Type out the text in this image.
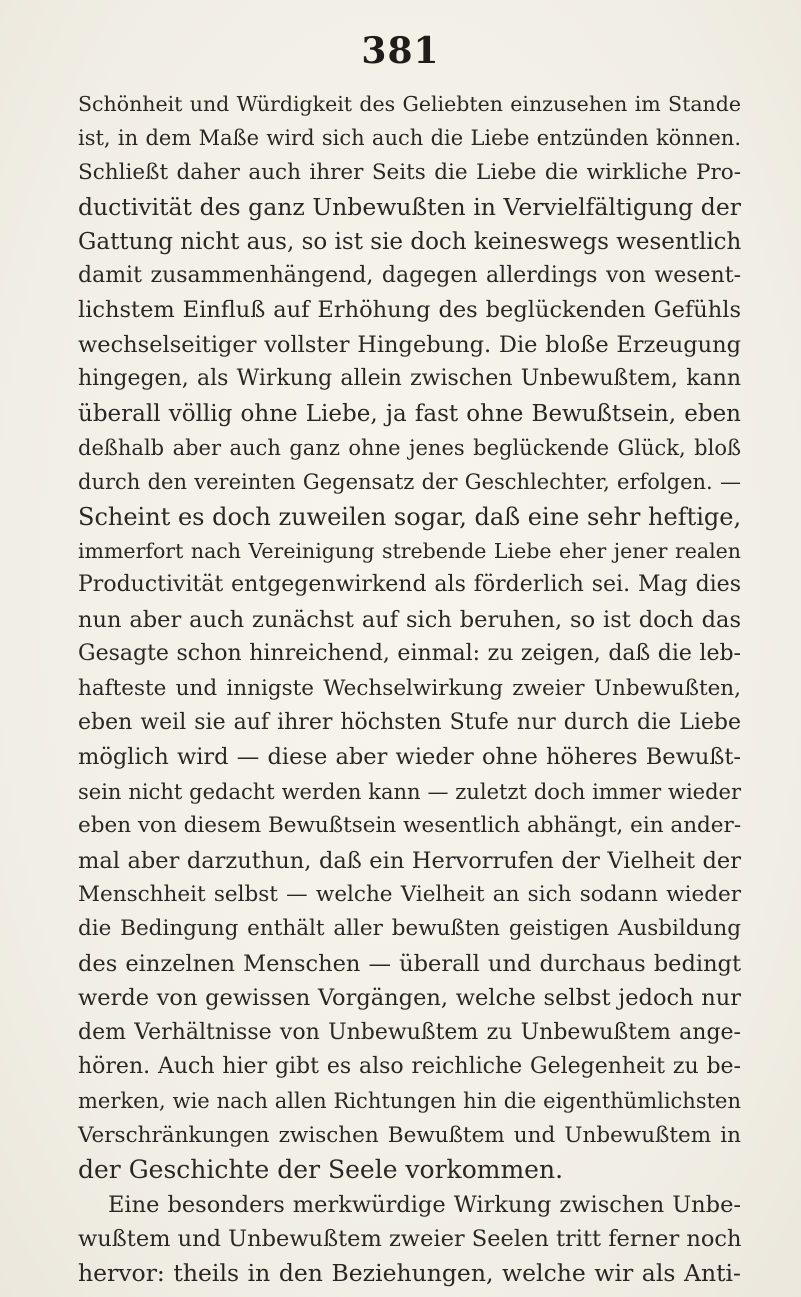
381
Schönheit und Würdigkeit des Geliebten einzusehen im Stande
ist, in dem Maße wird sich auch die Liebe entzünden können.
Schließt daher auch ihrer Seits die Liebe die wirkliche Pro-
ductivität des ganz Unbewußten in Vervielfältigung der
Gattung nicht aus, so ist sie doch keineswegs wesentlich
damit zusammenhängend, dagegen allerdings von wesent-
lichstem Einfluß auf Erhöhung des beglückenden Gefühls
wechselseitiger vollster Hingebung. Die bloße Erzeugung
hingegen, als Wirkung allein zwischen Unbewußtem, kann
überall völlig ohne Liebe, ja fast ohne Bewußtsein, eben
deßhalb aber auch ganz ohne jenes beglückende Glück, bloß
durch den vereinten Gegensatz der Geschlechter, erfolgen. —
Scheint es doch zuweilen sogar, daß eine sehr heftige,
immerfort nach Vereinigung strebende Liebe eher jener realen
Productivität entgegenwirkend als förderlich sei. Mag dies
nun aber auch zunächst auf sich beruhen, so ist doch das
Gesagte schon hinreichend, einmal: zu zeigen, daß die leb-
hafteste und innigste Wechselwirkung zweier Unbewußten,
eben weil sie auf ihrer höchsten Stufe nur durch die Liebe
möglich wird — diese aber wieder ohne höheres Bewußt-
sein nicht gedacht werden kann — zuletzt doch immer wieder
eben von diesem Bewußtsein wesentlich abhängt, ein ander-
mal aber darzuthun, daß ein Hervorrufen der Vielheit der
Menschheit selbst — welche Vielheit an sich sodann wieder
die Bedingung enthält aller bewußten geistigen Ausbildung
des einzelnen Menschen — überall und durchaus bedingt
werde von gewissen Vorgängen, welche selbst jedoch nur
dem Verhältnisse von Unbewußtem zu Unbewußtem ange-
hören. Auch hier gibt es also reichliche Gelegenheit zu be-
merken, wie nach allen Richtungen hin die eigenthümlichsten
Verschränkungen zwischen Bewußtem und Unbewußtem in
der Geschichte der Seele vorkommen.
Eine besonders merkwürdige Wirkung zwischen Unbe-
wußtem und Unbewußtem zweier Seelen tritt ferner noch
hervor: theils in den Beziehungen, welche wir als Anti-
